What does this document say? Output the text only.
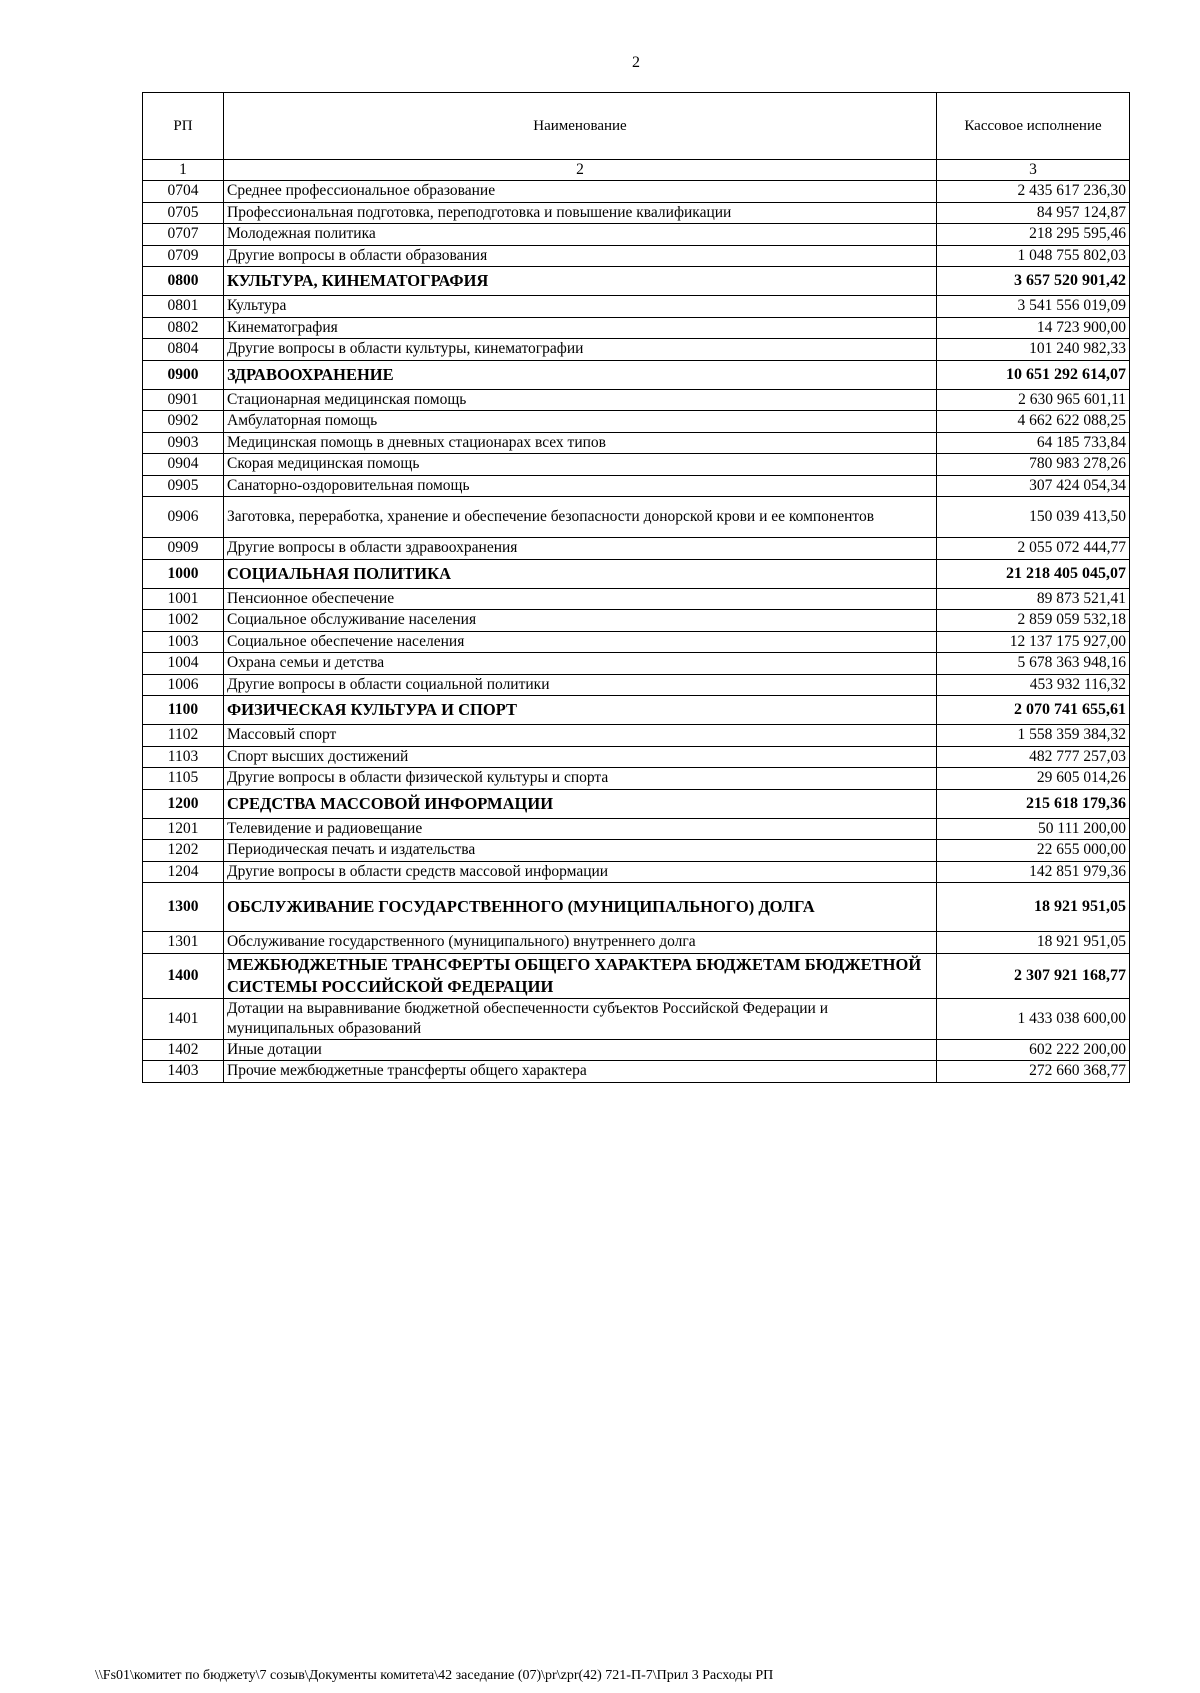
2
РП	Наименование	Кассовое исполнение
1	2	3
0704	Среднее профессиональное образование	2 435 617 236,30
0705	Профессиональная подготовка, переподготовка и повышение квалификации	84 957 124,87
0707	Молодежная политика	218 295 595,46
0709	Другие вопросы в области образования	1 048 755 802,03
0800	КУЛЬТУРА, КИНЕМАТОГРАФИЯ	3 657 520 901,42
0801	Культура	3 541 556 019,09
0802	Кинематография	14 723 900,00
0804	Другие вопросы в области культуры, кинематографии	101 240 982,33
0900	ЗДРАВООХРАНЕНИЕ	10 651 292 614,07
0901	Стационарная медицинская помощь	2 630 965 601,11
0902	Амбулаторная помощь	4 662 622 088,25
0903	Медицинская помощь в дневных стационарах всех типов	64 185 733,84
0904	Скорая медицинская помощь	780 983 278,26
0905	Санаторно-оздоровительная помощь	307 424 054,34
0906	Заготовка, переработка, хранение и обеспечение безопасности донорской крови и ее компонентов	150 039 413,50
0909	Другие вопросы в области здравоохранения	2 055 072 444,77
1000	СОЦИАЛЬНАЯ ПОЛИТИКА	21 218 405 045,07
1001	Пенсионное обеспечение	89 873 521,41
1002	Социальное обслуживание населения	2 859 059 532,18
1003	Социальное обеспечение населения	12 137 175 927,00
1004	Охрана семьи и детства	5 678 363 948,16
1006	Другие вопросы в области социальной политики	453 932 116,32
1100	ФИЗИЧЕСКАЯ КУЛЬТУРА И СПОРТ	2 070 741 655,61
1102	Массовый спорт	1 558 359 384,32
1103	Спорт высших достижений	482 777 257,03
1105	Другие вопросы в области физической культуры и спорта	29 605 014,26
1200	СРЕДСТВА МАССОВОЙ ИНФОРМАЦИИ	215 618 179,36
1201	Телевидение и радиовещание	50 111 200,00
1202	Периодическая печать и издательства	22 655 000,00
1204	Другие вопросы в области средств массовой информации	142 851 979,36
1300	ОБСЛУЖИВАНИЕ ГОСУДАРСТВЕННОГО (МУНИЦИПАЛЬНОГО) ДОЛГА	18 921 951,05
1301	Обслуживание государственного (муниципального) внутреннего долга	18 921 951,05
1400	МЕЖБЮДЖЕТНЫЕ ТРАНСФЕРТЫ ОБЩЕГО ХАРАКТЕРА БЮДЖЕТАМ БЮДЖЕТНОЙ СИСТЕМЫ РОССИЙСКОЙ ФЕДЕРАЦИИ	2 307 921 168,77
1401	Дотации на выравнивание бюджетной обеспеченности субъектов Российской Федерации и муниципальных образований	1 433 038 600,00
1402	Иные дотации	602 222 200,00
1403	Прочие межбюджетные трансферты общего характера	272 660 368,77
\\Fs01\комитет по бюджету\7 созыв\Документы комитета\42 заседание (07)\pr\zpr(42) 721-П-7\Прил 3 Расходы РП
